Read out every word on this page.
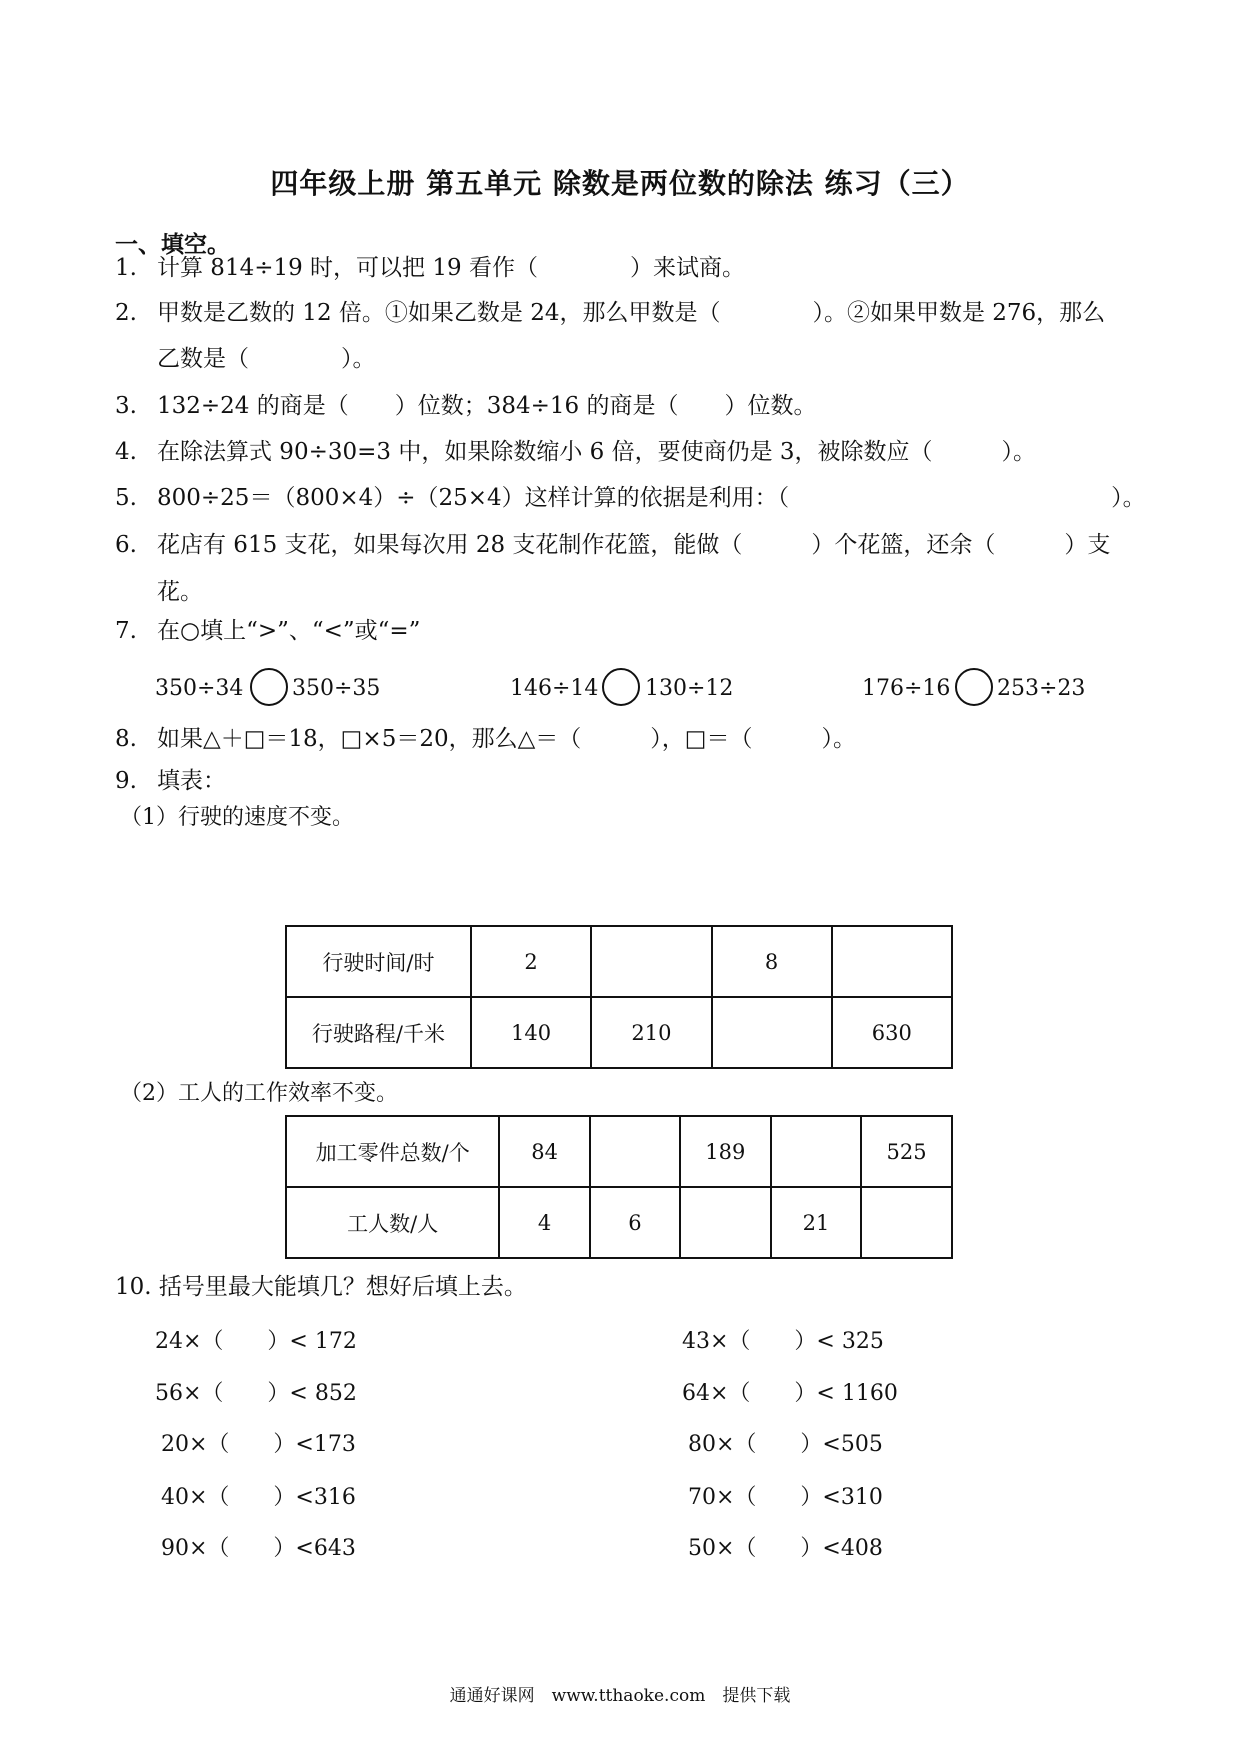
四年级上册 第五单元 除数是两位数的除法 练习（三）
一、填空。
1. 计算 814÷19 时，可以把 19 看作（　　　　）来试商。
2. 甲数是乙数的 12 倍。①如果乙数是 24，那么甲数是（　　　　）。②如果甲数是 276，那么
乙数是（　　　　）。
3. 132÷24 的商是（　　）位数；384÷16 的商是（　　）位数。
4. 在除法算式 90÷30=3 中，如果除数缩小 6 倍，要使商仍是 3，被除数应（　　　）。
5. 800÷25＝（800×4）÷（25×4）这样计算的依据是利用：（　　　　　　　　　　　　　　）。
6. 花店有 615 支花，如果每次用 28 支花制作花篮，能做（　　　）个花篮，还余（　　　）支
花。
7. 在○填上“>”、“<”或“=”
350÷34 350÷35	146÷14 130÷12	176÷16 253÷23
8. 如果△＋□＝18，□×5＝20，那么△＝（　　　），□＝（　　　）。
9. 填表：
（1）行驶的速度不变。
行驶时间/时	2		8	
行驶路程/千米	140	210		630
（2）工人的工作效率不变。
加工零件总数/个	84		189		525
工人数/人	4	6		21	
10. 括号里最大能填几？想好后填上去。
24×（　　）< 172	43×（　　）< 325
56×（　　）< 852	64×（　　）< 1160
20×（　　）<173	80×（　　）<505
40×（　　）<316	70×（　　）<310
90×（　　）<643	50×（　　）<408
通通好课网　www.tthaoke.com　提供下载
